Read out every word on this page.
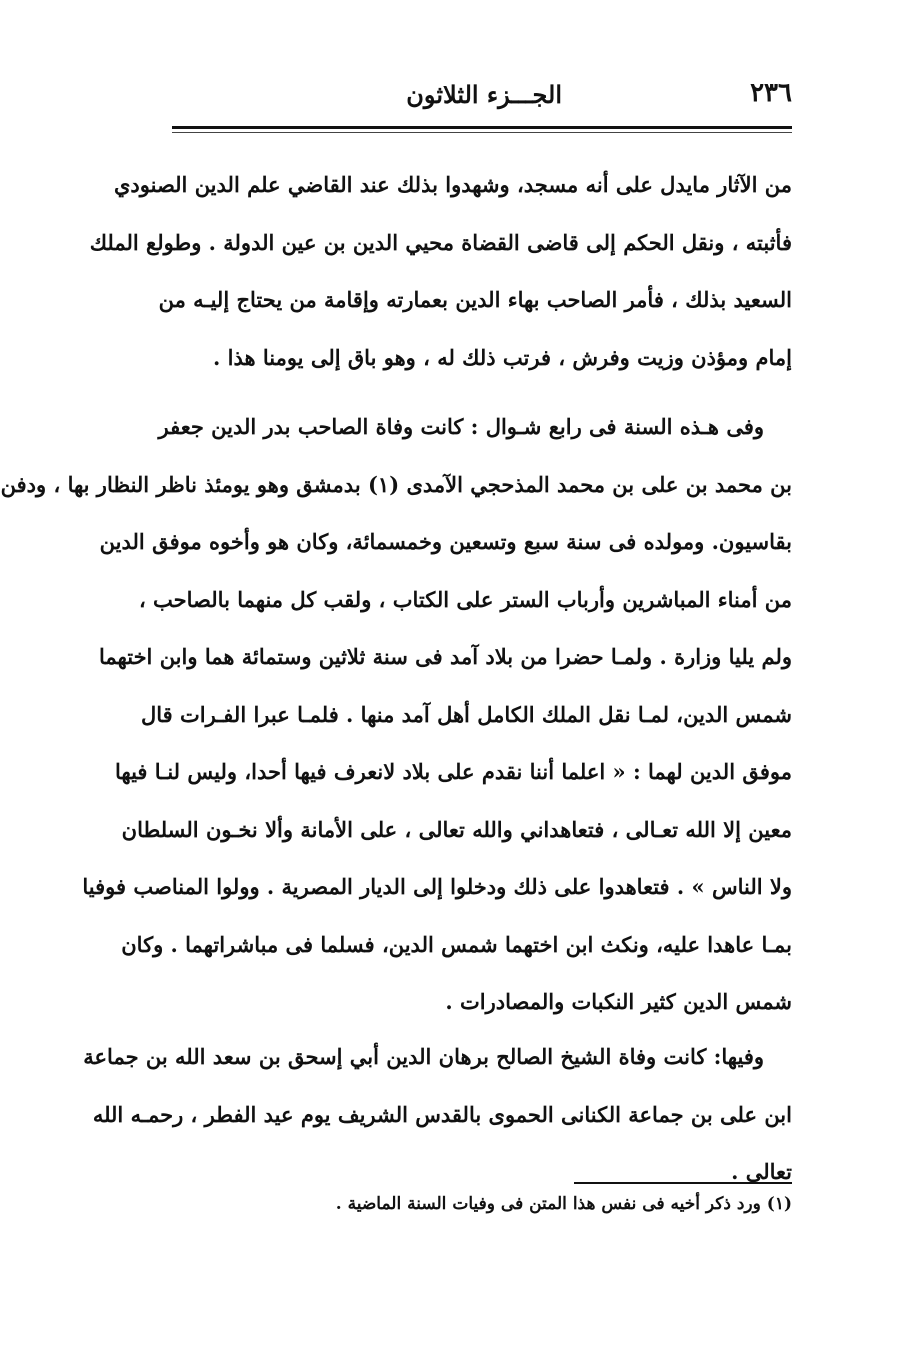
٢٣٦
الجـــزء الثلاثون
من الآثار مايدل على أنه مسجد، وشهدوا بذلك عند القاضي علم الدين الصنودي
فأثبته ، ونقل الحكم إلى قاضى القضاة محيي الدين بن عين الدولة . وطولع الملك
السعيد بذلك ، فأمر الصاحب بهاء الدين بعمارته وإقامة من يحتاج إليـه من
إمام ومؤذن وزيت وفرش ، فرتب ذلك له ، وهو باق إلى يومنا هذا .
وفى هـذه السنة فى رابع شـوال : كانت وفاة الصاحب بدر الدين جعفر
بن محمد بن على بن محمد المذحجي الآمدى (١) بدمشق وهو يومئذ ناظر النظار بها ، ودفن
بقاسيون. ومولده فى سنة سبع وتسعين وخمسمائة، وكان هو وأخوه موفق الدين
من أمناء المباشرين وأرباب الستر على الكتاب ، ولقب كل منهما بالصاحب ،
ولم يليا وزارة . ولمـا حضرا من بلاد آمد فى سنة ثلاثين وستمائة هما وابن اختهما
شمس الدين، لمـا نقل الملك الكامل أهل آمد منها . فلمـا عبرا الفـرات قال
موفق الدين لهما : « اعلما أننا نقدم على بلاد لانعرف فيها أحدا، وليس لنـا فيها
معين إلا الله تعـالى ، فتعاهداني والله تعالى ، على الأمانة وألا نخـون السلطان
ولا الناس » . فتعاهدوا على ذلك ودخلوا إلى الديار المصرية . وولوا المناصب فوفيا
بمـا عاهدا عليه، ونكث ابن اختهما شمس الدين، فسلما فى مباشراتهما . وكان
شمس الدين كثير النكبات والمصادرات .
وفيها: كانت وفاة الشيخ الصالح برهان الدين أبي إسحق بن سعد الله بن جماعة
ابن على بن جماعة الكنانى الحموى بالقدس الشريف يوم عيد الفطر ، رحمـه الله
تعالى .
(١) ورد ذكر أخيه فى نفس هذا المتن فى وفيات السنة الماضية .
